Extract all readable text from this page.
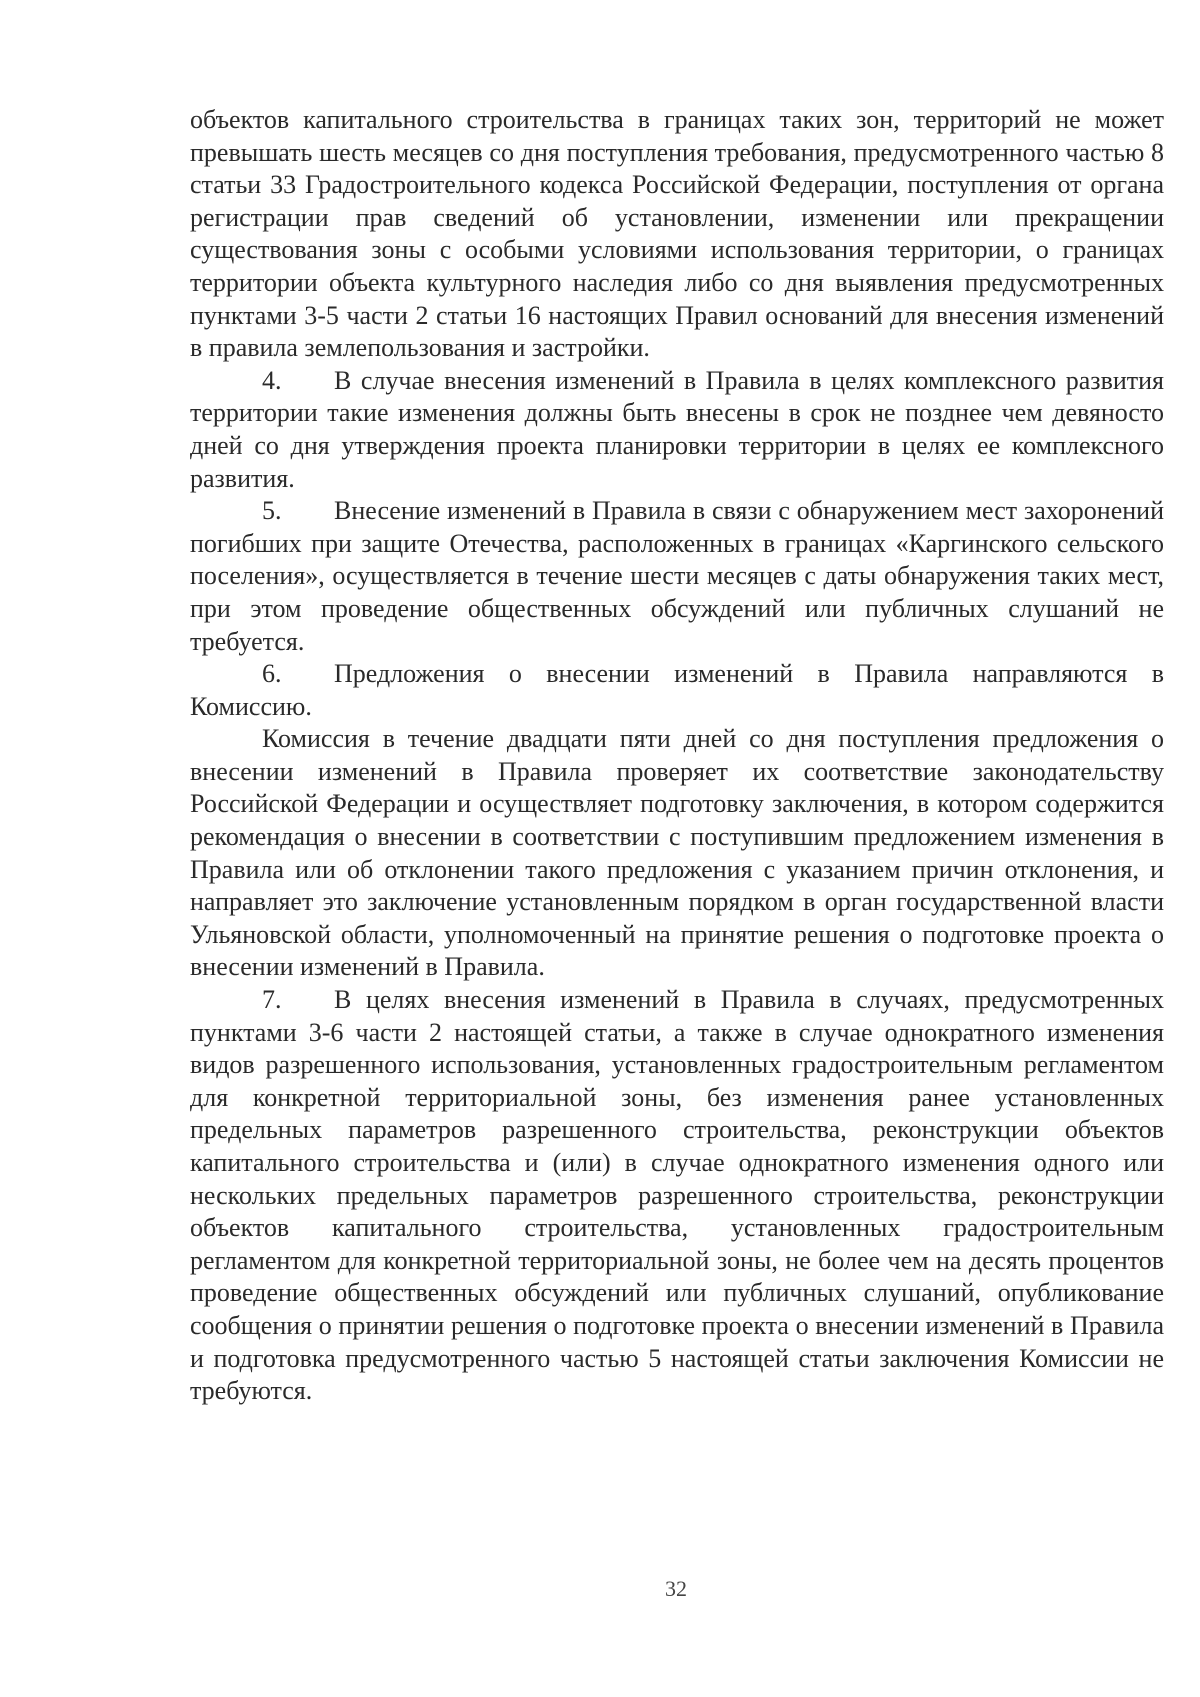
объектов капитального строительства в границах таких зон, территорий не может превышать шесть месяцев со дня поступления требования, предусмотренного частью 8 статьи 33 Градостроительного кодекса Российской Федерации, поступления от органа регистрации прав сведений об установлении, изменении или прекращении существования зоны с особыми условиями использования территории, о границах территории объекта культурного наследия либо со дня выявления предусмотренных пунктами 3-5 части 2 статьи 16 настоящих Правил оснований для внесения изменений в правила землепользования и застройки.

4. В случае внесения изменений в Правила в целях комплексного развития территории такие изменения должны быть внесены в срок не позднее чем девяносто дней со дня утверждения проекта планировки территории в целях ее комплексного развития.

5. Внесение изменений в Правила в связи с обнаружением мест захоронений погибших при защите Отечества, расположенных в границах «Каргинского сельского поселения», осуществляется в течение шести месяцев с даты обнаружения таких мест, при этом проведение общественных обсуждений или публичных слушаний не требуется.

6. Предложения о внесении изменений в Правила направляются в Комиссию.

Комиссия в течение двадцати пяти дней со дня поступления предложения о внесении изменений в Правила проверяет их соответствие законодательству Российской Федерации и осуществляет подготовку заключения, в котором содержится рекомендация о внесении в соответствии с поступившим предложением изменения в Правила или об отклонении такого предложения с указанием причин отклонения, и направляет это заключение установленным порядком в орган государственной власти Ульяновской области, уполномоченный на принятие решения о подготовке проекта о внесении изменений в Правила.

7. В целях внесения изменений в Правила в случаях, предусмотренных пунктами 3-6 части 2 настоящей статьи, а также в случае однократного изменения видов разрешенного использования, установленных градостроительным регламентом для конкретной территориальной зоны, без изменения ранее установленных предельных параметров разрешенного строительства, реконструкции объектов капитального строительства и (или) в случае однократного изменения одного или нескольких предельных параметров разрешенного строительства, реконструкции объектов капитального строительства, установленных градостроительным регламентом для конкретной территориальной зоны, не более чем на десять процентов проведение общественных обсуждений или публичных слушаний, опубликование сообщения о принятии решения о подготовке проекта о внесении изменений в Правила и подготовка предусмотренного частью 5 настоящей статьи заключения Комиссии не требуются.

32
